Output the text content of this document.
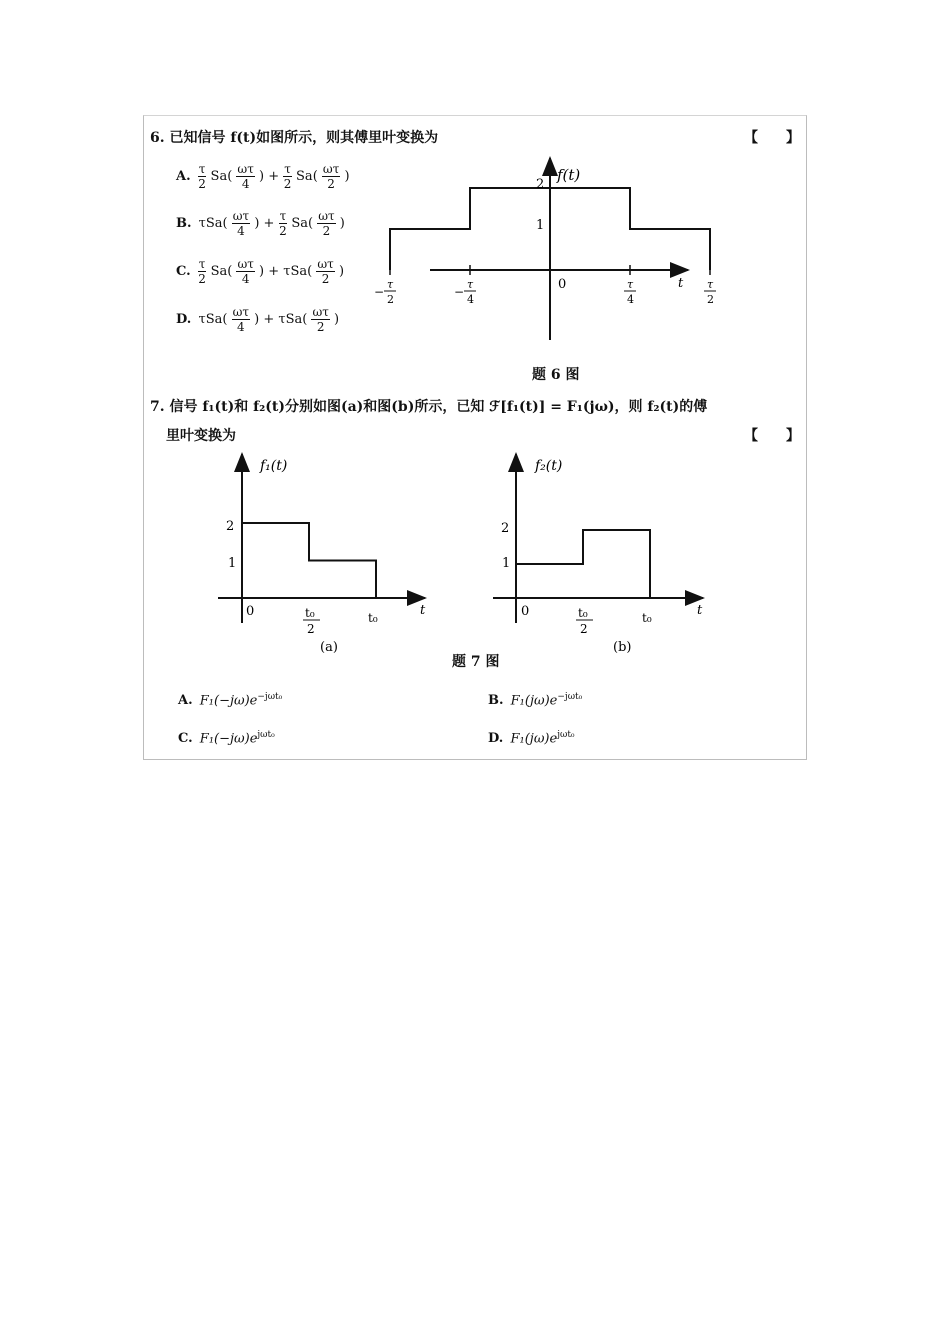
6. 已知信号 f(t)如图所示，则其傅里叶变换为	【　　】
A. $\frac{\tau}{2} Sa( \frac{\omega\tau}{4}$ ) + $\frac{\tau}{2} Sa( \frac{\omega\tau}{2}$ )
B. $\tau Sa( \frac{\omega\tau}{4}$ ) + $\frac{\tau}{2} Sa( \frac{\omega\tau}{2}$ )
C. $\frac{\tau}{2} Sa( \frac{\omega\tau}{4}$ ) + $\tau Sa( \frac{\omega\tau}{2}$ )
D. $\tau Sa( \frac{\omega\tau}{4}$ ) + $\tau Sa( \frac{\omega\tau}{2}$ )
f(t)
t
0
1
2
−
τ
2
−
τ
4
τ
4
τ
2
题 6 图
7. 信号 f₁(t)和 f₂(t)分别如图(a)和图(b)所示，已知 ℱ[f₁(t)] = F₁(jω)，则 f₂(t)的傅
里叶变换为	【　　】
f₁(t)
2
1
0	t₀
2
t₀	t
(a)
f₂(t)
2
1
0	t₀
2
t₀	t
(b)
题 7 图
A. $F_1(-j\omega)e^{-j\omega t_0}$	B. $F_1(j\omega)e^{-j\omega t_0}$
C. $F_1(-j\omega)e^{j\omega t_0}$	D. $F_1(j\omega)e^{j\omega t_0}$
